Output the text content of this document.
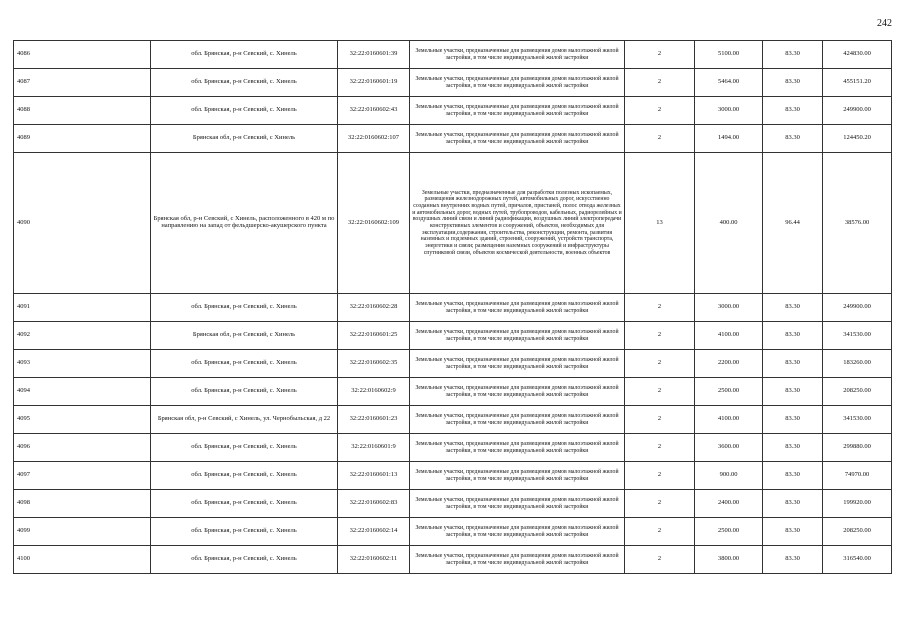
242
4086	обл. Брянская, р-н Севский, с. Хинель	32:22:0160601:39	Земельные участки, предназначенные для размещения домов малоэтажной жилой застройки, в том числе индивидуальной жилой застройки	2	5100.00	83.30	424830.00
4087	обл. Брянская, р-н Севский, с. Хинель	32:22:0160601:19	Земельные участки, предназначенные для размещения домов малоэтажной жилой застройки, в том числе индивидуальной жилой застройки	2	5464.00	83.30	455151.20
4088	обл. Брянская, р-н Севский, с. Хинель	32:22:0160602:43	Земельные участки, предназначенные для размещения домов малоэтажной жилой застройки, в том числе индивидуальной жилой застройки	2	3000.00	83.30	249900.00
4089	Брянская обл, р-н Севский, с Хинель	32:22:0160602:107	Земельные участки, предназначенные для размещения домов малоэтажной жилой застройки, в том числе индивидуальной жилой застройки	2	1494.00	83.30	124450.20
4090	Брянская обл, р-н Севский, с Хинель, расположенного в 420 м по направлению на запад от фельдшерско-акушерского пункта	32:22:0160602:109	Земельные участки, предназначенные для разработки полезных ископаемых, размещения железнодорожных путей, автомобильных дорог, искусственно созданных внутренних водных путей, причалов, пристаней, полос отвода железных и автомобильных дорог, водных путей, трубопроводов, кабельных, радиорелейных и воздушных линий связи и линий радиофикации, воздушных линий электропередачи конструктивных элементов и сооружений, объектов, необходимых для эксплуатации,содержания, строительства, реконструкции, ремонта, развития наземных и подземных зданий, строений, сооружений, устройств транспорта, энергетики и связи; размещения наземных сооружений и инфраструктуры спутниковой связи, объектов космической деятельности, военных объектов	13	400.00	96.44	38576.00
4091	обл. Брянская, р-н Севский, с. Хинель	32:22:0160602:28	Земельные участки, предназначенные для размещения домов малоэтажной жилой застройки, в том числе индивидуальной жилой застройки	2	3000.00	83.30	249900.00
4092	Брянская обл, р-н Севский, с Хинель	32:22:0160601:25	Земельные участки, предназначенные для размещения домов малоэтажной жилой застройки, в том числе индивидуальной жилой застройки	2	4100.00	83.30	341530.00
4093	обл. Брянская, р-н Севский, с. Хинель	32:22:0160602:35	Земельные участки, предназначенные для размещения домов малоэтажной жилой застройки, в том числе индивидуальной жилой застройки	2	2200.00	83.30	183260.00
4094	обл. Брянская, р-н Севский, с. Хинель	32:22:0160602:9	Земельные участки, предназначенные для размещения домов малоэтажной жилой застройки, в том числе индивидуальной жилой застройки	2	2500.00	83.30	208250.00
4095	Брянская обл, р-н Севский, с Хинель, ул. Чернобыльская, д 22	32:22:0160601:23	Земельные участки, предназначенные для размещения домов малоэтажной жилой застройки, в том числе индивидуальной жилой застройки	2	4100.00	83.30	341530.00
4096	обл. Брянская, р-н Севский, с. Хинель	32:22:0160601:9	Земельные участки, предназначенные для размещения домов малоэтажной жилой застройки, в том числе индивидуальной жилой застройки	2	3600.00	83.30	299880.00
4097	обл. Брянская, р-н Севский, с. Хинель	32:22:0160601:13	Земельные участки, предназначенные для размещения домов малоэтажной жилой застройки, в том числе индивидуальной жилой застройки	2	900.00	83.30	74970.00
4098	обл. Брянская, р-н Севский, с. Хинель	32:22:0160602:83	Земельные участки, предназначенные для размещения домов малоэтажной жилой застройки, в том числе индивидуальной жилой застройки	2	2400.00	83.30	199920.00
4099	обл. Брянская, р-н Севский, с. Хинель	32:22:0160602:14	Земельные участки, предназначенные для размещения домов малоэтажной жилой застройки, в том числе индивидуальной жилой застройки	2	2500.00	83.30	208250.00
4100	обл. Брянская, р-н Севский, с. Хинель	32:22:0160602:11	Земельные участки, предназначенные для размещения домов малоэтажной жилой застройки, в том числе индивидуальной жилой застройки	2	3800.00	83.30	316540.00
